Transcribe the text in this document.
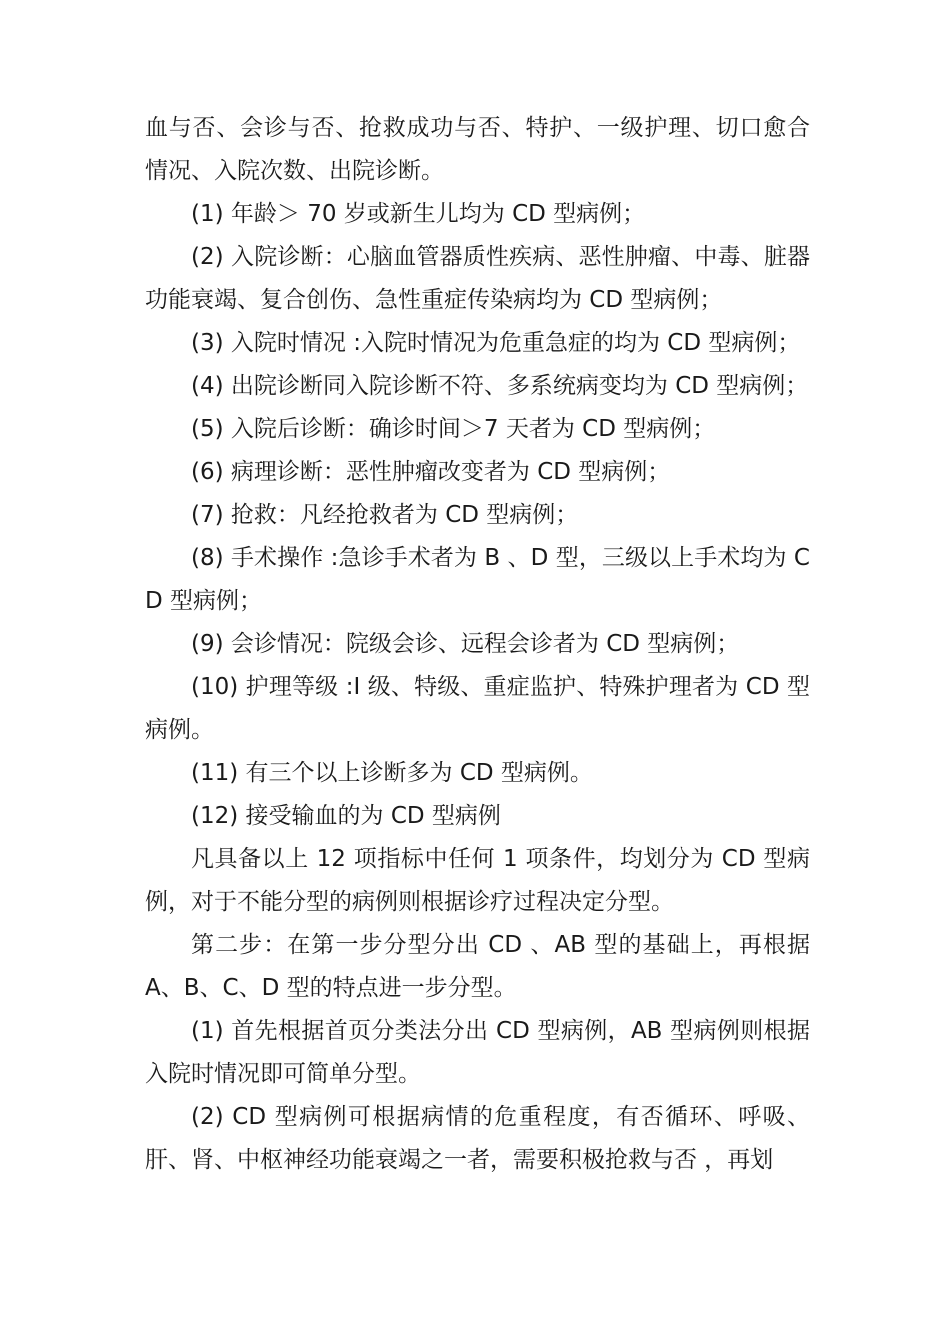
血与否、会诊与否、抢救成功与否、特护、一级护理、切口愈合情况、入院次数、出院诊断。

(1) 年龄＞ 70 岁或新生儿均为 CD 型病例；

(2) 入院诊断：心脑血管器质性疾病、恶性肿瘤、中毒、脏器功能衰竭、复合创伤、急性重症传染病均为 CD 型病例；

(3) 入院时情况 :入院时情况为危重急症的均为 CD 型病例；

(4) 出院诊断同入院诊断不符、多系统病变均为 CD 型病例；

(5) 入院后诊断：确诊时间＞7 天者为 CD 型病例；

(6) 病理诊断：恶性肿瘤改变者为 CD 型病例；

(7) 抢救：凡经抢救者为 CD 型病例；

(8) 手术操作 :急诊手术者为 B 、D 型，三级以上手术均为 CD 型病例；

(9) 会诊情况：院级会诊、远程会诊者为 CD 型病例；

(10) 护理等级 :I 级、特级、重症监护、特殊护理者为 CD 型病例。

(11) 有三个以上诊断多为 CD 型病例。

(12) 接受输血的为 CD 型病例

凡具备以上 12 项指标中任何 1 项条件，均划分为 CD 型病例，对于不能分型的病例则根据诊疗过程决定分型。

第二步：在第一步分型分出 CD 、AB 型的基础上，再根据 A、B、C、D 型的特点进一步分型。

(1) 首先根据首页分类法分出 CD 型病例，AB 型病例则根据入院时情况即可简单分型。

(2) CD 型病例可根据病情的危重程度，有否循环、呼吸、肝、肾、中枢神经功能衰竭之一者，需要积极抢救与否 ，再划
